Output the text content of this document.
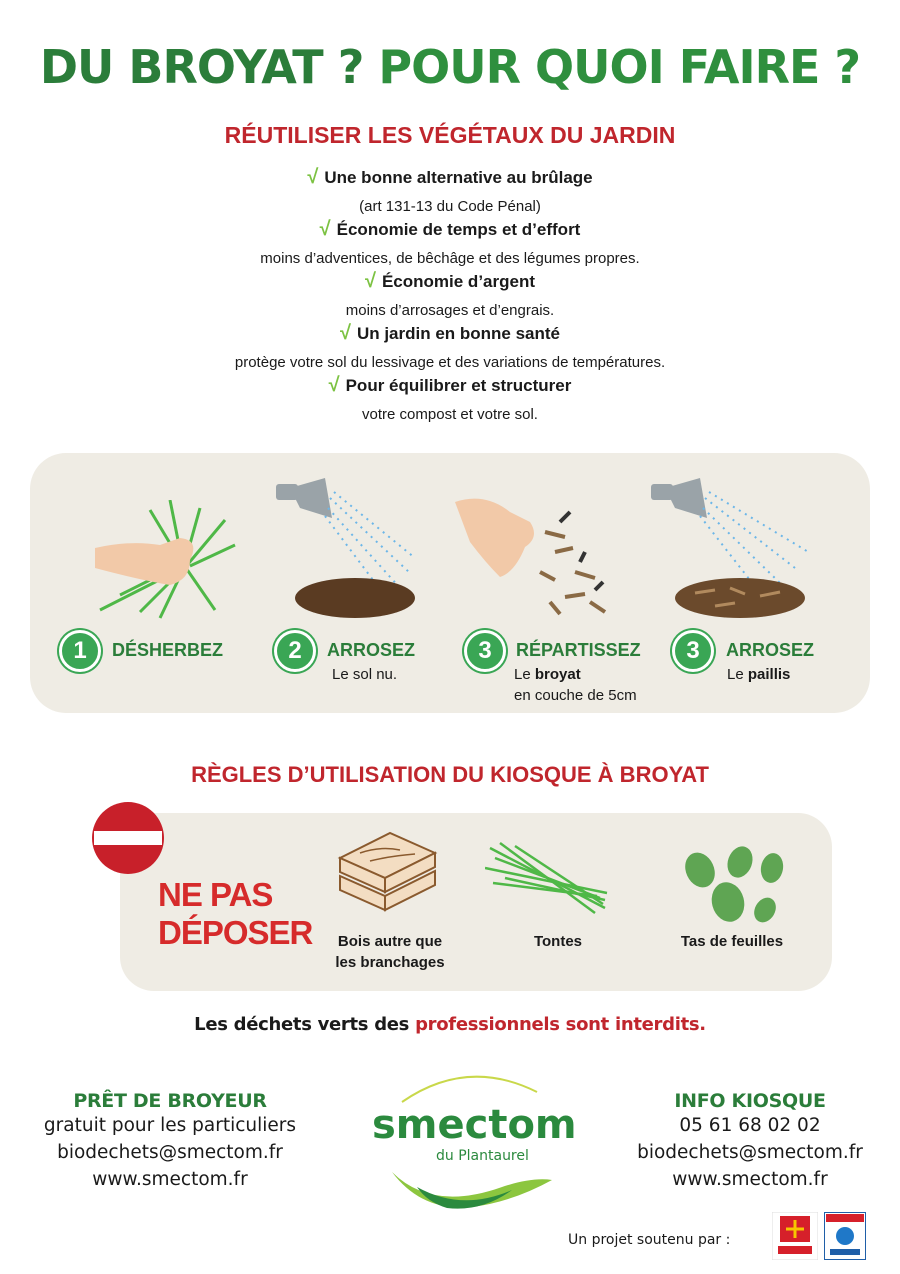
DU BROYAT ? POUR QUOI FAIRE ?
RÉUTILISER LES VÉGÉTAUX DU JARDIN
√ Une bonne alternative au brûlage
(art 131-13 du Code Pénal)
√ Économie de temps et d’effort
moins d’adventices, de bêchâge et des légumes propres.
√ Économie d’argent
moins d’arrosages et d’engrais.
√ Un jardin en bonne santé
protège votre sol du lessivage et des variations de températures.
√ Pour équilibrer et structurer
votre compost et votre sol.
1	DÉSHERBEZ	2	ARROSEZ
Le sol nu.
3	RÉPARTISSEZ
Le broyat
en couche de 5cm
3	ARROSEZ
Le paillis
RÈGLES D’UTILISATION DU KIOSQUE À BROYAT
NE PAS
DÉPOSER	Bois autre que
les branchages
Tontes	Tas de feuilles
Les déchets verts des professionnels sont interdits.
PRÊT DE BROYEUR
gratuit pour les particuliers
biodechets@smectom.fr
www.smectom.fr
smectom
du Plantaurel
INFO KIOSQUE
05 61 68 02 02
biodechets@smectom.fr
www.smectom.fr
Un projet soutenu par :
